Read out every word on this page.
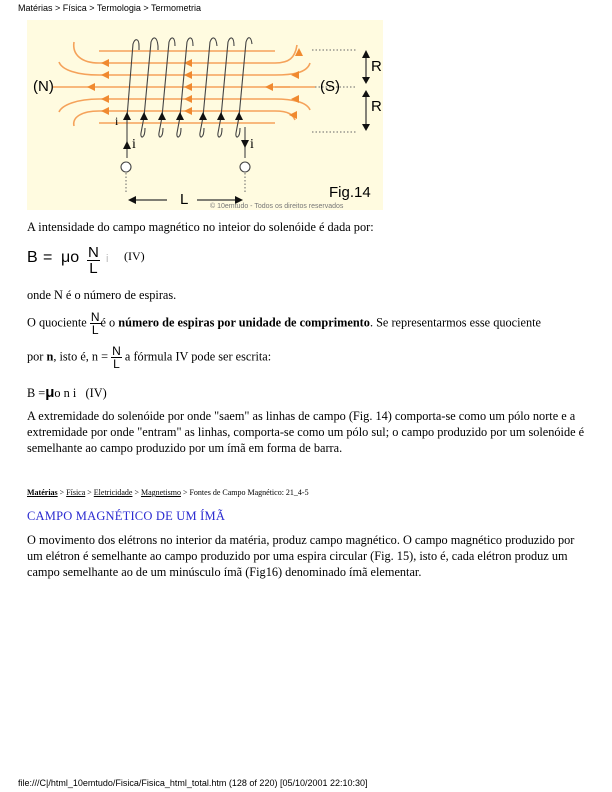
Matérias > Física > Termologia > Termometria
(N)	(S)
R
R
L
i
i	i
Fig.14
© 10emtudo - Todos os direitos reservados
A intensidade do campo magnético no inteior do solenóide é dada por:
B = μo $\frac{N}{L}$ i (IV)
onde N é o número de espiras.
O quociente $\frac{N}{L}$ é o número de espiras por unidade de comprimento. Se representarmos esse quociente
por n, isto é, $n = \frac{N}{L}$ a fórmula IV pode ser escrita:
B =μo n i (IV)
A extremidade do solenóide por onde "saem" as linhas de campo (Fig. 14) comporta-se como um pólo norte e a extremidade por onde "entram" as linhas, comporta-se como um pólo sul; o campo produzido por um solenóide é semelhante ao campo produzido por um ímã em forma de barra.
Matérias > Física > Eletricidade > Magnetismo > Fontes de Campo Magnético: 21_4-5
CAMPO MAGNÉTICO DE UM ÍMÃ
O movimento dos elétrons no interior da matéria, produz campo magnético. O campo magnético produzido por um elétron é semelhante ao campo produzido por uma espira circular (Fig. 15), isto é, cada elétron produz um campo semelhante ao de um minúsculo ímã (Fig16) denominado ímã elementar.
file:///C|/html_10emtudo/Fisica/Fisica_html_total.htm (128 of 220) [05/10/2001 22:10:30]
